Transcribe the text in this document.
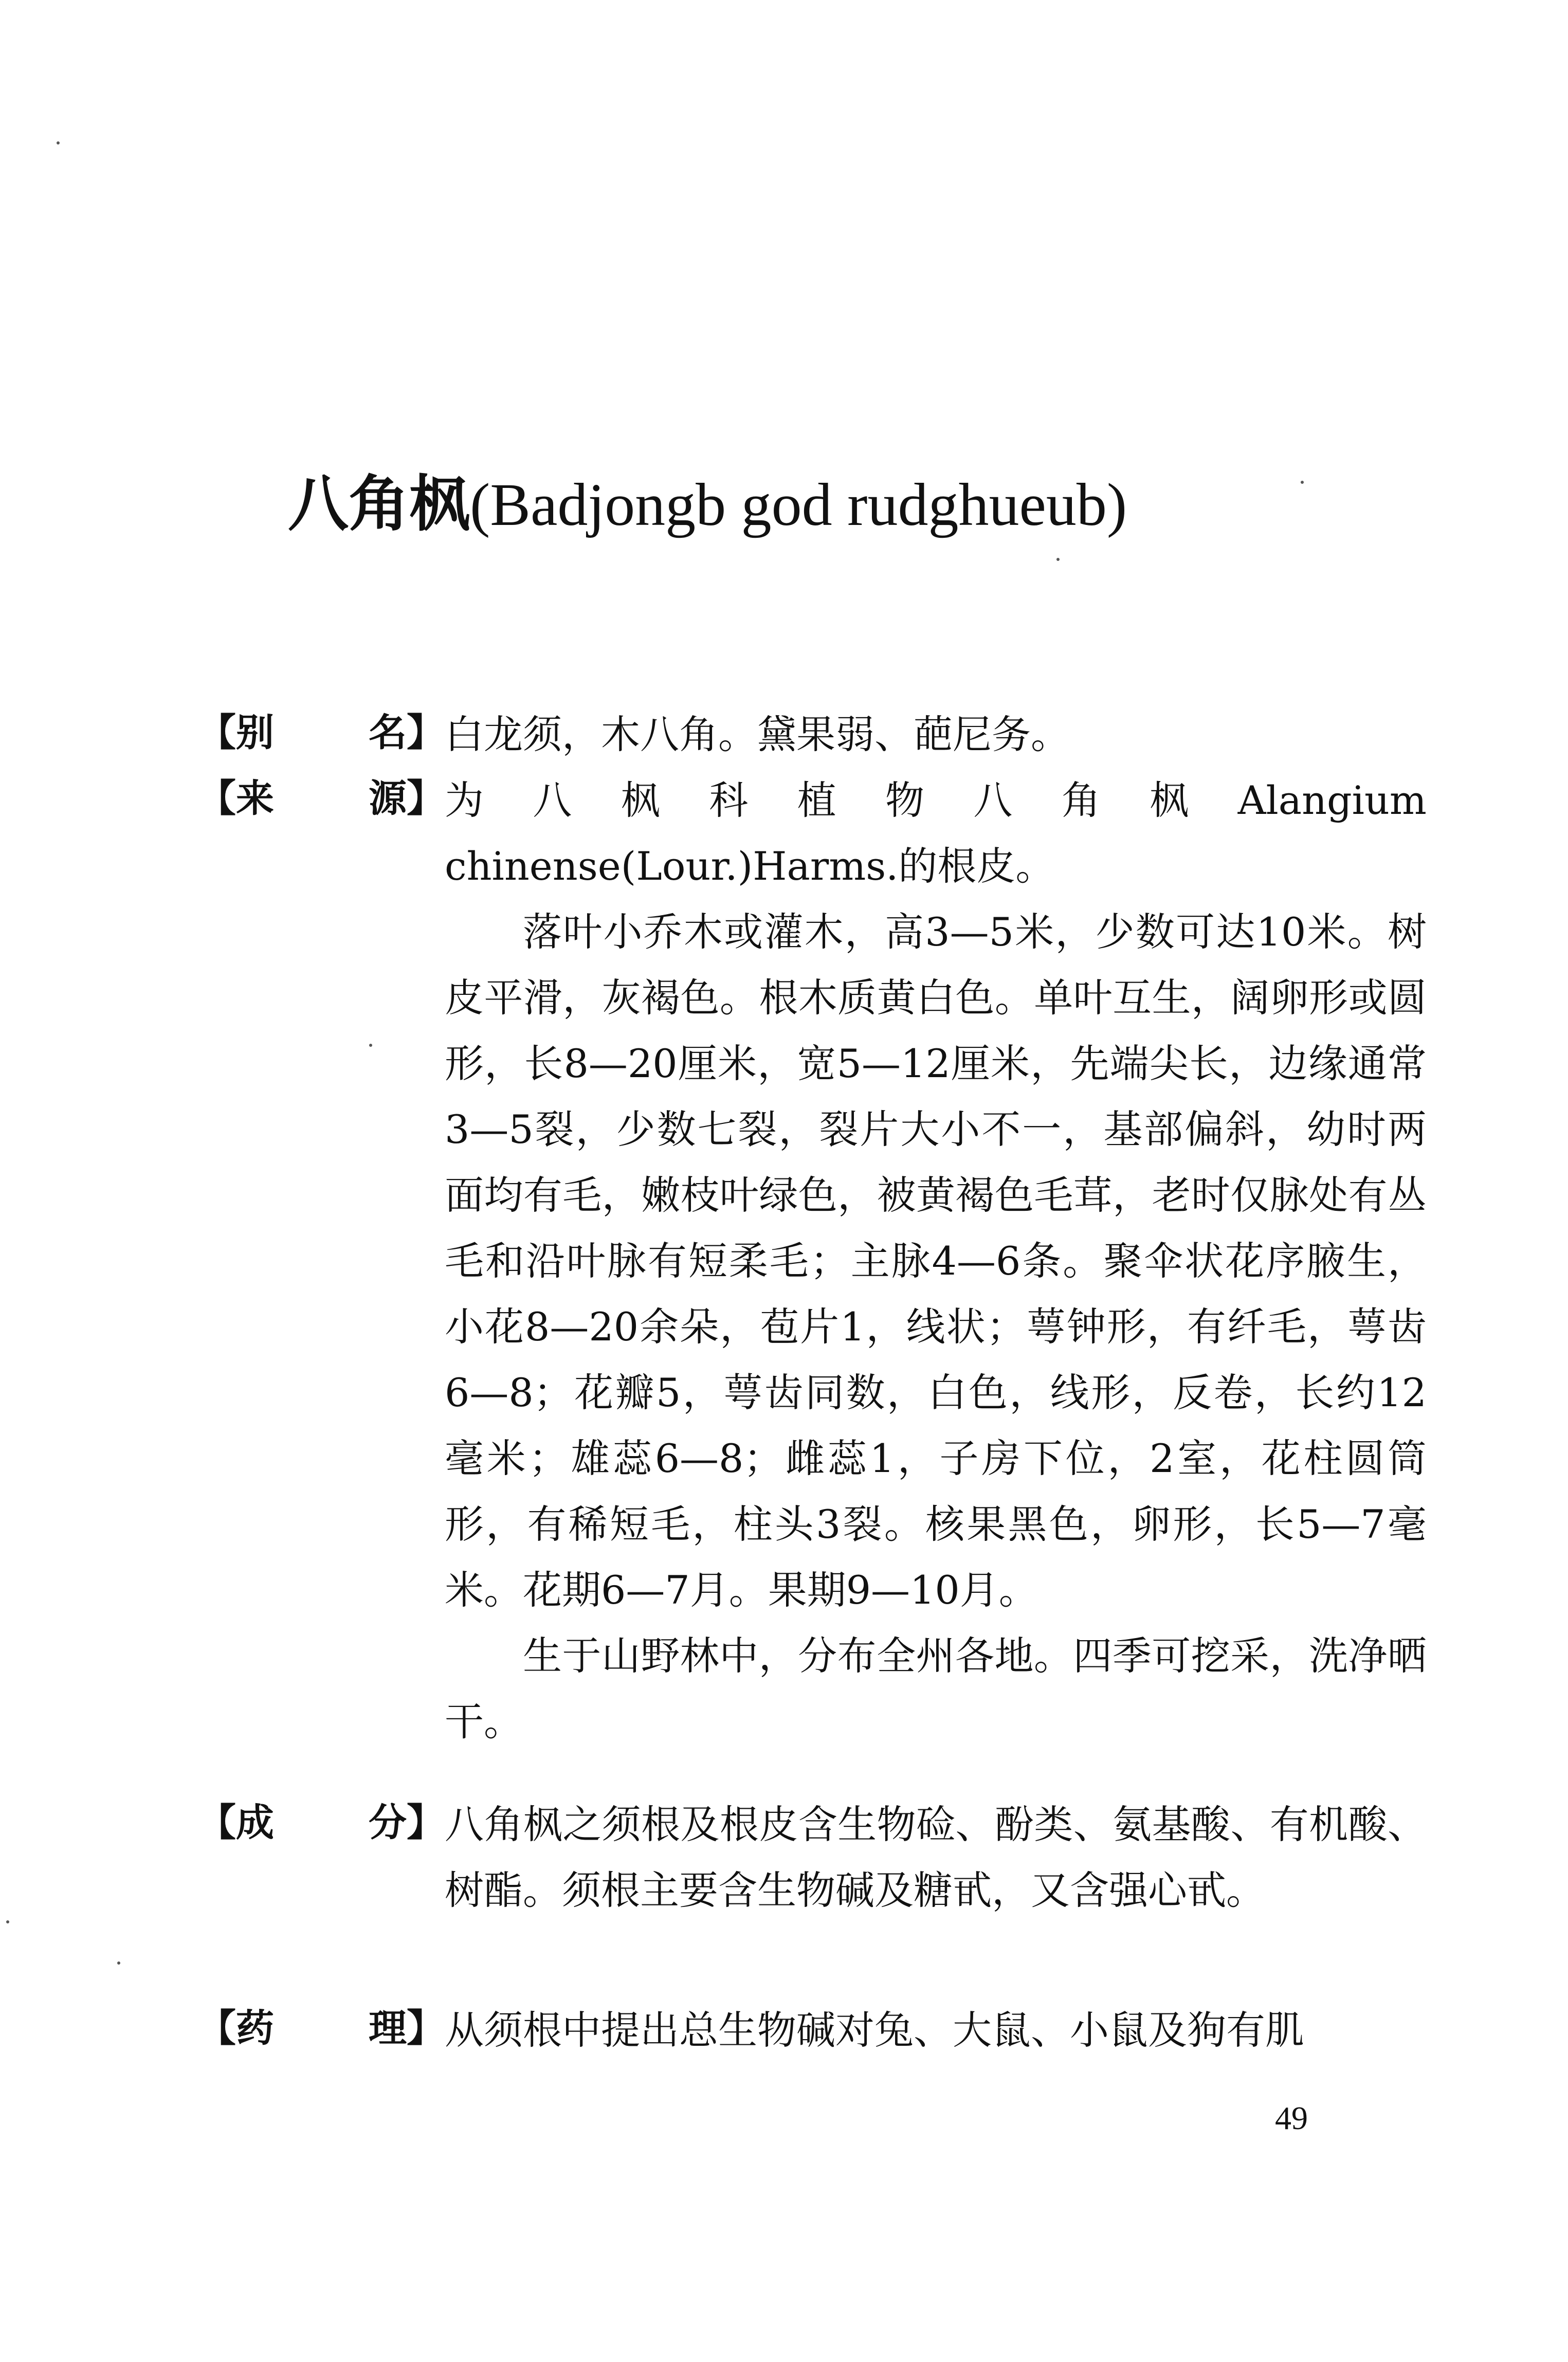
八角枫(Badjongb god rudghueub)
【别 名】 白龙须，木八角。黛果弱、葩尼务。

【来 源】 为八枫科植物八角枫Alangium chinense(Lour.)Harms.的根皮。

落叶小乔木或灌木，高3—5米，少数可达10米。树皮平滑，灰褐色。根木质黄白色。单叶互生，阔卵形或圆形，长8—20厘米，宽5—12厘米，先端尖长，边缘通常3—5裂，少数七裂，裂片大小不一，基部偏斜，幼时两面均有毛，嫩枝叶绿色，被黄褐色毛茸，老时仅脉处有丛毛和沿叶脉有短柔毛；主脉4—6条。聚伞状花序腋生，小花8—20余朵，苞片1，线状；萼钟形，有纤毛，萼齿6—8；花瓣5，萼齿同数，白色，线形，反卷，长约12毫米；雄蕊6—8；雌蕊1，子房下位，2室，花柱圆筒形，有稀短毛，柱头3裂。核果黑色，卵形，长5—7毫米。花期6—7月。果期9—10月。

生于山野林中，分布全州各地。四季可挖采，洗净晒干。

【成 分】 八角枫之须根及根皮含生物硷、酚类、氨基酸、有机酸、树酯。须根主要含生物碱及糖甙，又含强心甙。

【药 理】 从须根中提出总生物碱对兔、大鼠、小鼠及狗有肌

49
